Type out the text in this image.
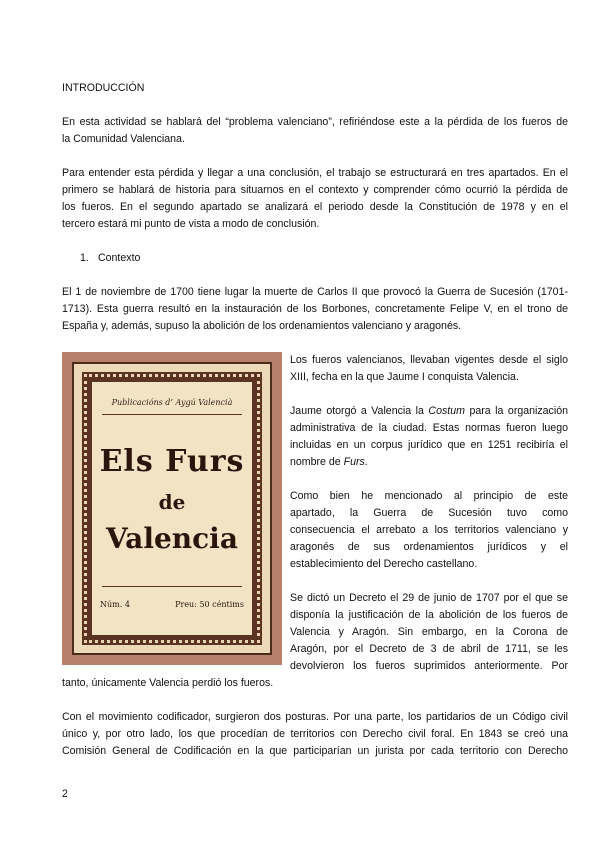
INTRODUCCIÓN
En esta actividad se hablará del “problema valenciano”, refiriéndose este a la pérdida de los fueros de
la Comunidad Valenciana.
Para entender esta pérdida y llegar a una conclusión, el trabajo se estructurará en tres apartados. En el
primero se hablará de historia para situarnos en el contexto y comprender cómo ocurrió la pérdida de
los fueros. En el segundo apartado se analizará el periodo desde la Constitución de 1978 y en el
tercero estará mi punto de vista a modo de conclusión.
1. Contexto
El 1 de noviembre de 1700 tiene lugar la muerte de Carlos II que provocó la Guerra de Sucesión (1701-
1713). Esta guerra resultó en la instauración de los Borbones, concretamente Felipe V, en el trono de
España y, además, supuso la abolición de los ordenamientos valenciano y aragonés.
Publicacións d’ Aygú Valencià
Els Furs
de
Valencia
Núm. 4	Preu: 50 céntims
Los fueros valencianos, llevaban vigentes desde el siglo
XIII, fecha en la que Jaume I conquista Valencia.
Jaume otorgó a Valencia la Costum para la organización
administrativa de la ciudad. Estas normas fueron luego
incluidas en un corpus jurídico que en 1251 recibiría el
nombre de Furs.
Como bien he mencionado al principio de este
apartado, la Guerra de Sucesión tuvo como
consecuencia el arrebato a los territorios valenciano y
aragonés de sus ordenamientos jurídicos y el
establecimiento del Derecho castellano.
Se dictó un Decreto el 29 de junio de 1707 por el que se
disponía la justificación de la abolición de los fueros de
Valencia y Aragón. Sin embargo, en la Corona de
Aragón, por el Decreto de 3 de abril de 1711, se les
devolvieron los fueros suprimidos anteriormente. Por
tanto, únicamente Valencia perdió los fueros.
Con el movimiento codificador, surgieron dos posturas. Por una parte, los partidarios de un Código civil
único y, por otro lado, los que procedían de territorios con Derecho civil foral. En 1843 se creó una
Comisión General de Codificación en la que participarían un jurista por cada territorio con Derecho
2
